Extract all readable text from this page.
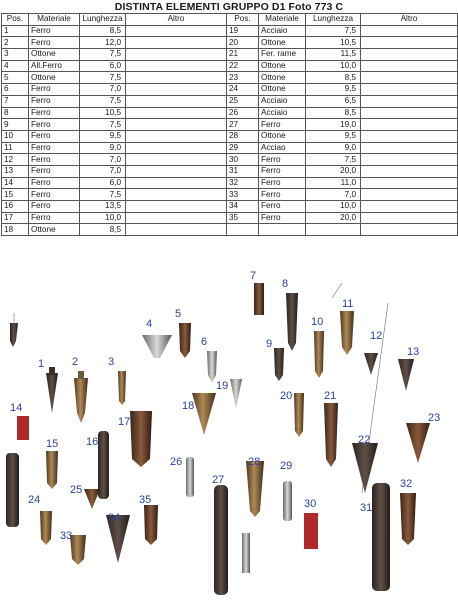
DISTINTA ELEMENTI GRUPPO D1 Foto 773 C
Pos.	Materiale	Lunghezza	Altro	Pos.	Materiale	Lunghezza	Altro
1	Ferro	8,5		19	Acciaio	7,5	
2	Ferro	12,0		20	Ottone	10,5	
3	Ottone	7,5		21	Fer. rame	11,5	
4	All.Ferro	6,0		22	Ottone	10,0	
5	Ottone	7,5		23	Ottone	8,5	
6	Ferro	7,0		24	Ottone	9,5	
7	Ferro	7,5		25	Acciaio	6,5	
8	Ferro	10,5		26	Acciaio	8,5	
9	Ferro	7,5		27	Ferro	19,0	
10	Ferro	9,5		28	Ottone	9,5	
11	Ferro	9,0		29	Acciao	9,0	
12	Ferro	7,0		30	Ferro	7,5	
13	Ferro	7,0		31	Ferro	20,0	
14	Ferro	6,0		32	Ferro	11,0	
15	Ferro	7,5		33	Ferro	7,0	
16	Ferro	13,5		34	Ferro	10,0	
17	Ferro	10,0		35	Ferro	20,0	
18	Ottone	8,5					
1	2	3
4
5
6
7
8
9
10
11
12
13
14
15	16
17
18
19
20	21
22
23
24
25
26
27
28 29
30	31
32
33
34
35
